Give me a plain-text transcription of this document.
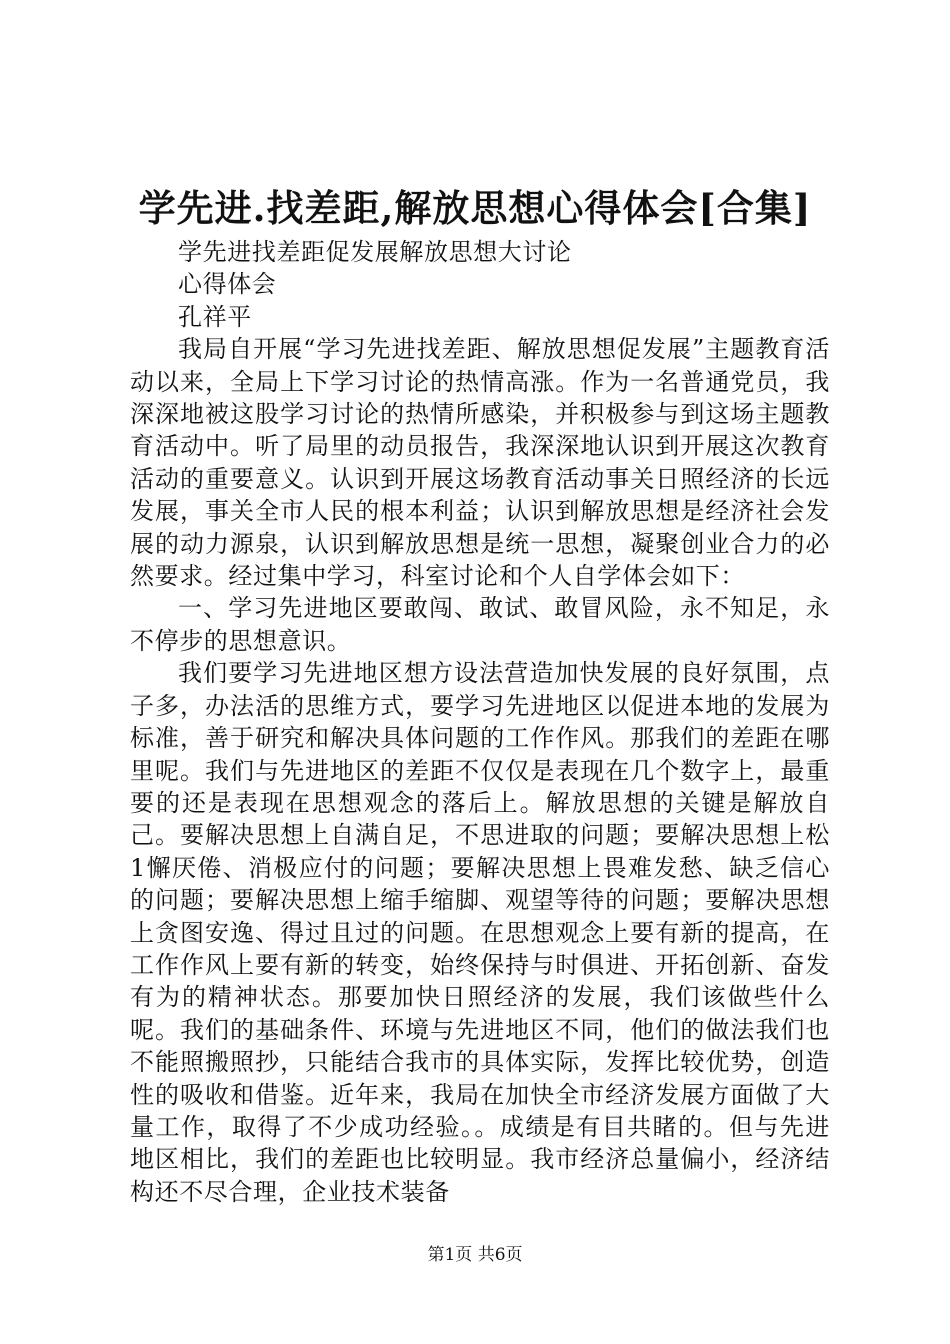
学先进.找差距,解放思想心得体会[合集]

学先进找差距促发展解放思想大讨论

心得体会

孔祥平

我局自开展“学习先进找差距、解放思想促发展”主题教育活动以来，全局上下学习讨论的热情高涨。作为一名普通党员，我深深地被这股学习讨论的热情所感染，并积极参与到这场主题教育活动中。听了局里的动员报告，我深深地认识到开展这次教育活动的重要意义。认识到开展这场教育活动事关日照经济的长远发展，事关全市人民的根本利益；认识到解放思想是经济社会发展的动力源泉，认识到解放思想是统一思想，凝聚创业合力的必然要求。经过集中学习，科室讨论和个人自学体会如下：

一、学习先进地区要敢闯、敢试、敢冒风险，永不知足，永不停步的思想意识。

我们要学习先进地区想方设法营造加快发展的良好氛围，点子多，办法活的思维方式，要学习先进地区以促进本地的发展为标准，善于研究和解决具体问题的工作作风。那我们的差距在哪里呢。我们与先进地区的差距不仅仅是表现在几个数字上，最重要的还是表现在思想观念的落后上。解放思想的关键是解放自己。要解决思想上自满自足，不思进取的问题；要解决思想上松1懈厌倦、消极应付的问题；要解决思想上畏难发愁、缺乏信心的问题；要解决思想上缩手缩脚、观望等待的问题；要解决思想上贪图安逸、得过且过的问题。在思想观念上要有新的提高，在工作作风上要有新的转变，始终保持与时俱进、开拓创新、奋发有为的精神状态。那要加快日照经济的发展，我们该做些什么呢。我们的基础条件、环境与先进地区不同，他们的做法我们也不能照搬照抄，只能结合我市的具体实际，发挥比较优势，创造性的吸收和借鉴。近年来，我局在加快全市经济发展方面做了大量工作，取得了不少成功经验。。成绩是有目共睹的。但与先进地区相比，我们的差距也比较明显。我市经济总量偏小，经济结构还不尽合理，企业技术装备

第1页 共6页
